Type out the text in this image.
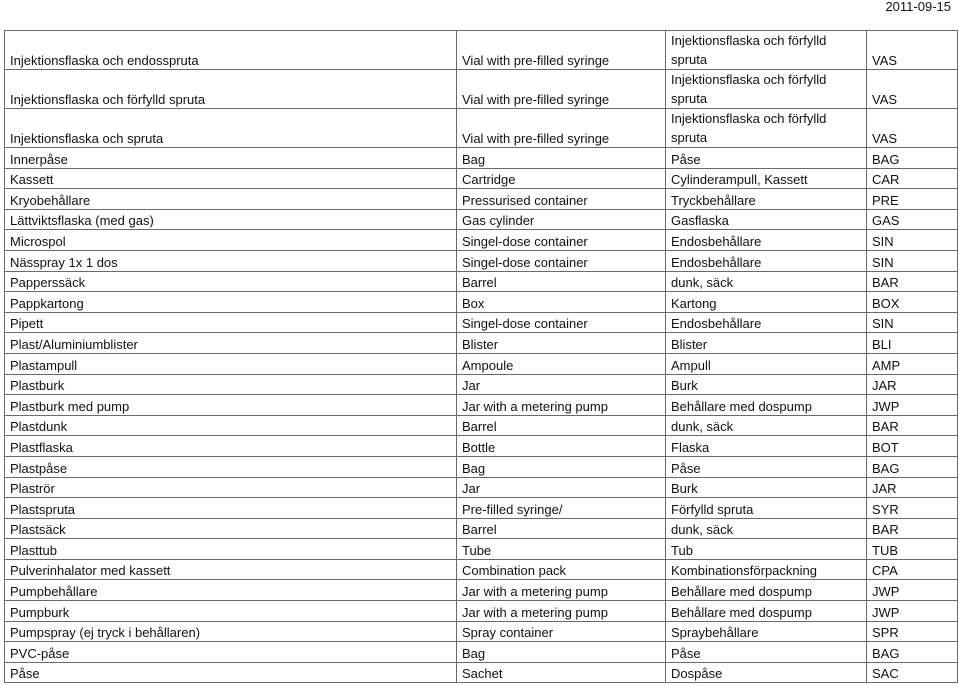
2011-09-15
Injektionsflaska och endosspruta	Vial with pre-filled syringe	Injektionsflaska och förfylld spruta	VAS
Injektionsflaska och förfylld spruta	Vial with pre-filled syringe	Injektionsflaska och förfylld spruta	VAS
Injektionsflaska och spruta	Vial with pre-filled syringe	Injektionsflaska och förfylld spruta	VAS
Innerpåse	Bag	Påse	BAG
Kassett	Cartridge	Cylinderampull, Kassett	CAR
Kryobehållare	Pressurised container	Tryckbehållare	PRE
Lättviktsflaska (med gas)	Gas cylinder	Gasflaska	GAS
Microspol	Singel-dose container	Endosbehållare	SIN
Nässpray 1x 1 dos	Singel-dose container	Endosbehållare	SIN
Papperssäck	Barrel	dunk, säck	BAR
Pappkartong	Box	Kartong	BOX
Pipett	Singel-dose container	Endosbehållare	SIN
Plast/Aluminiumblister	Blister	Blister	BLI
Plastampull	Ampoule	Ampull	AMP
Plastburk	Jar	Burk	JAR
Plastburk med pump	Jar with a metering pump	Behållare med dospump	JWP
Plastdunk	Barrel	dunk, säck	BAR
Plastflaska	Bottle	Flaska	BOT
Plastpåse	Bag	Påse	BAG
Plaströr	Jar	Burk	JAR
Plastspruta	Pre-filled syringe/	Förfylld spruta	SYR
Plastsäck	Barrel	dunk, säck	BAR
Plasttub	Tube	Tub	TUB
Pulverinhalator med kassett	Combination pack	Kombinationsförpackning	CPA
Pumpbehållare	Jar with a metering pump	Behållare med dospump	JWP
Pumpburk	Jar with a metering pump	Behållare med dospump	JWP
Pumpspray (ej tryck i behållaren)	Spray container	Spraybehållare	SPR
PVC-påse	Bag	Påse	BAG
Påse	Sachet	Dospåse	SAC
